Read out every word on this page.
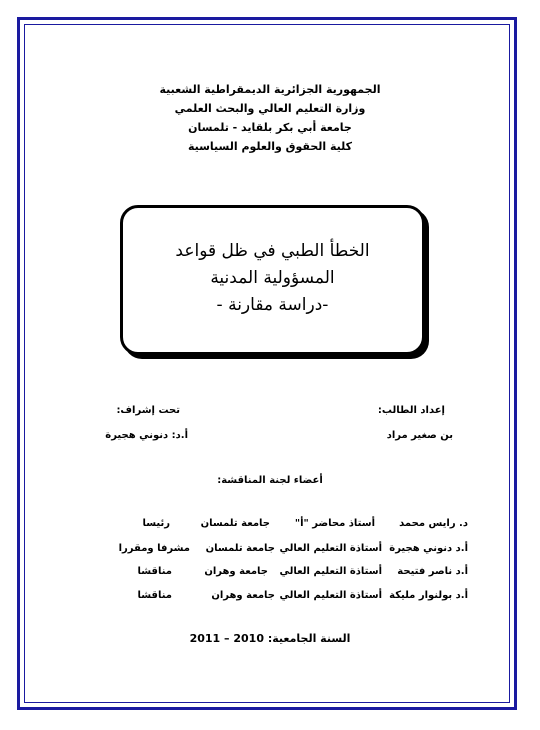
الجمهورية الجزائرية الديمقراطية الشعبية
وزارة التعليم العالي والبحث العلمي
جامعة أبي بكر بلقايد - تلمسان
كلية الحقوق والعلوم السياسية
الخطأ الطبي في ظل قواعد
المسؤولية المدنية
-دراسة مقارنة -
إعداد الطالب:
بن صغير مراد
تحت إشراف:
أ.د: دنوني هجيرة
أعضاء لجنة المناقشة:
د. رايس محمد
أستاذ محاضر "أ"
جامعة تلمسان
رئيسا
أ.د دنوني هجيرة
أستاذة التعليم العالي
جامعة تلمسان
مشرفا ومقررا
أ.د ناصر فتيحة
أستاذة التعليم العالي
جامعة وهران
مناقشا
أ.د بولنوار مليكة
أستاذة التعليم العالي
جامعة وهران
مناقشا
السنة الجامعية: 2010 – 2011
